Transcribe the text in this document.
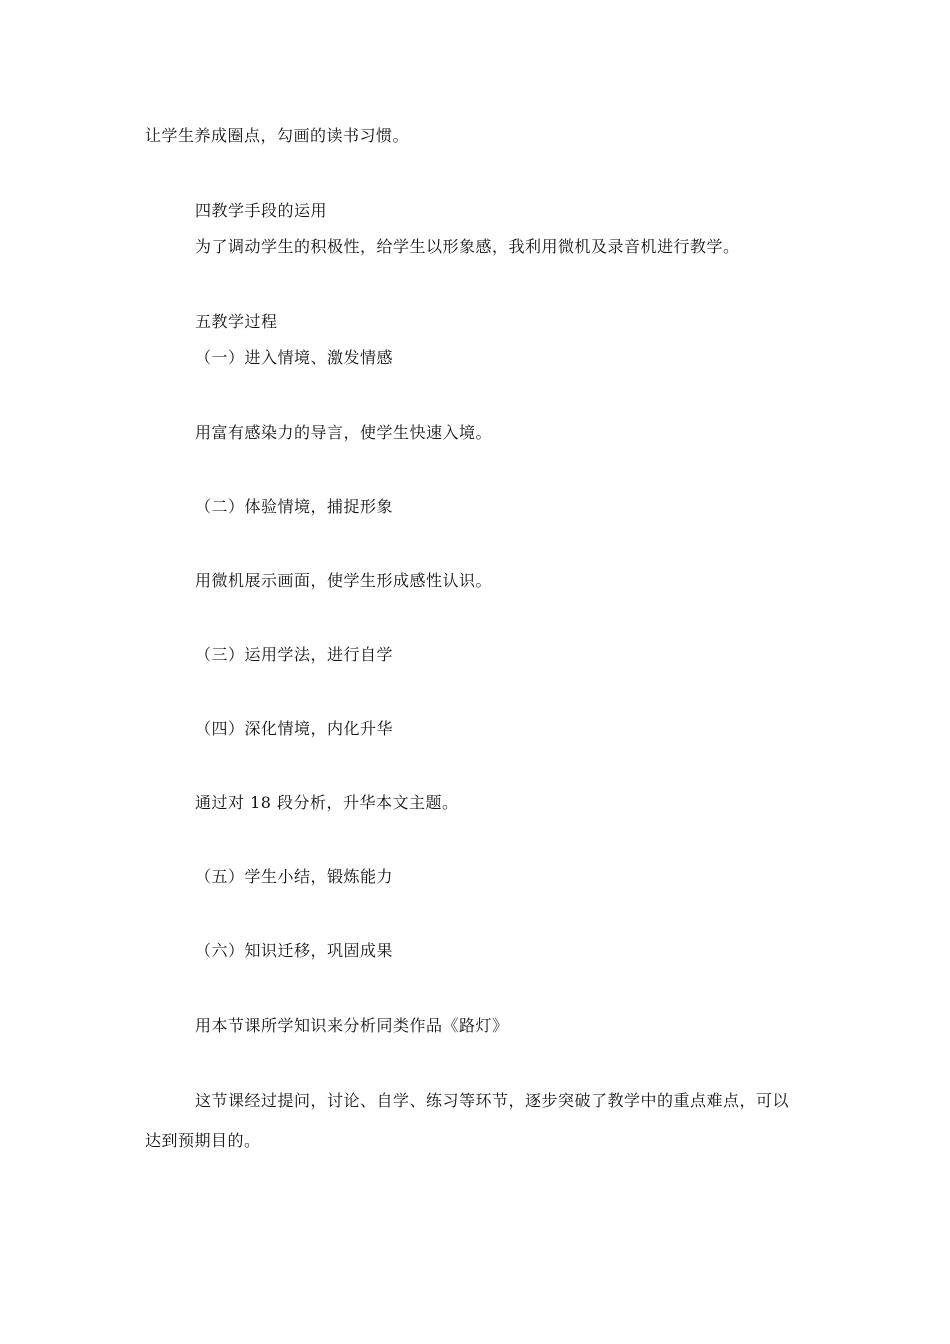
让学生养成圈点，勾画的读书习惯。
四教学手段的运用
为了调动学生的积极性，给学生以形象感，我利用微机及录音机进行教学。
五教学过程
（一）进入情境、激发情感
用富有感染力的导言，使学生快速入境。
（二）体验情境，捕捉形象
用微机展示画面，使学生形成感性认识。
（三）运用学法，进行自学
（四）深化情境，内化升华
通过对 18 段分析，升华本文主题。
（五）学生小结，锻炼能力
（六）知识迁移，巩固成果
用本节课所学知识来分析同类作品《路灯》
这节课经过提问，讨论、自学、练习等环节，逐步突破了教学中的重点难点，可以
达到预期目的。
